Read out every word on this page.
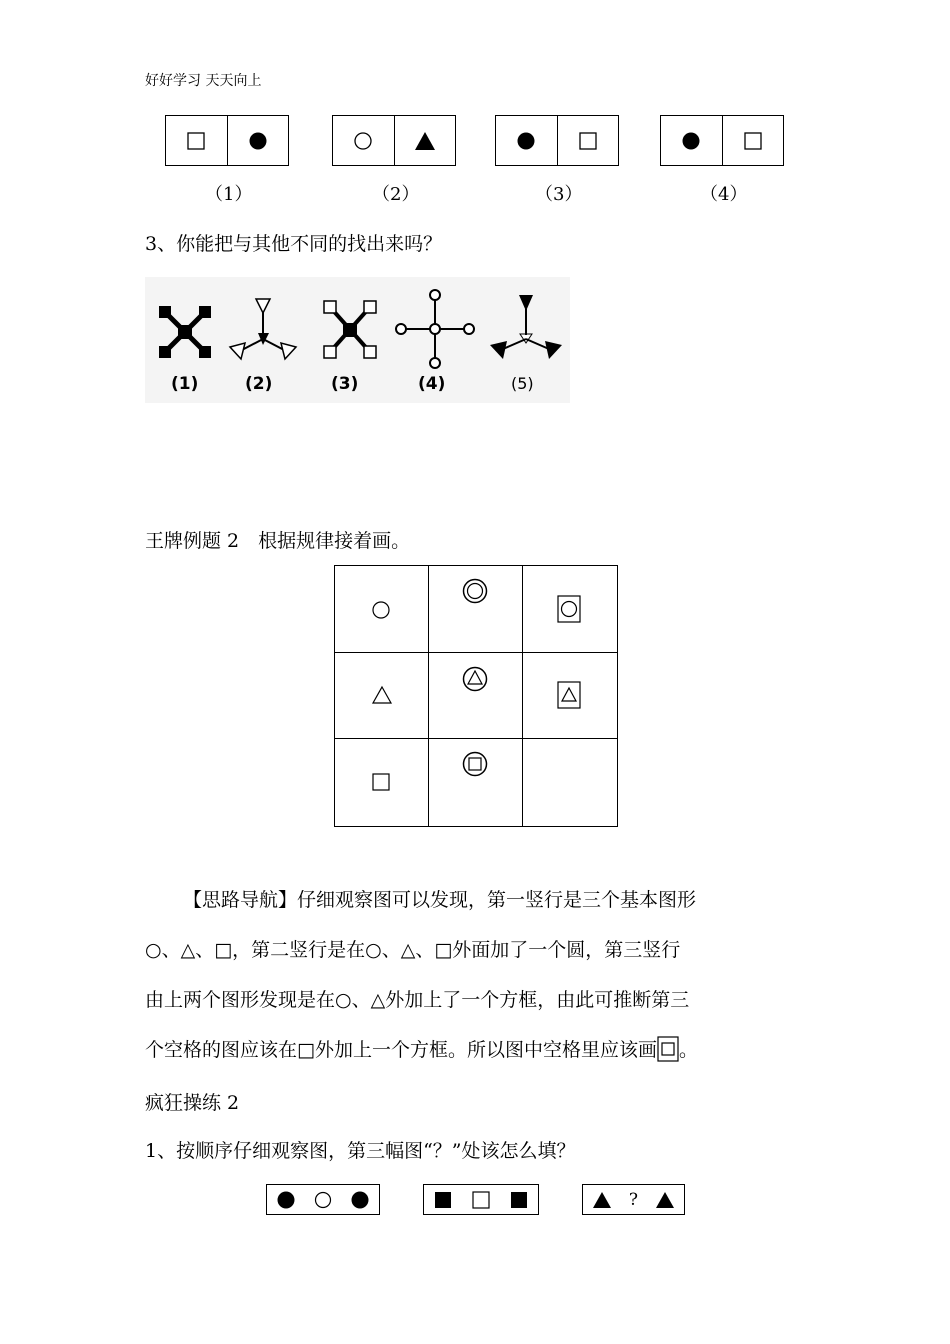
好好学习 天天向上
（1）	（2）	（3）	（4）
3、你能把与其他不同的找出来吗？
(1)	(2)	(3)	(4)	(5)
王牌例题 2　根据规律接着画。

【思路导航】仔细观察图可以发现，第一竖行是三个基本图形

○、△、□，第二竖行是在○、△、□外面加了一个圆，第三竖行

由上两个图形发现是在○、△外加上了一个方框，由此可推断第三

个空格的图应该在□外加上一个方框。所以图中空格里应该画 。

疯狂操练 2
1、按顺序仔细观察图，第三幅图“？”处该怎么填？
?
